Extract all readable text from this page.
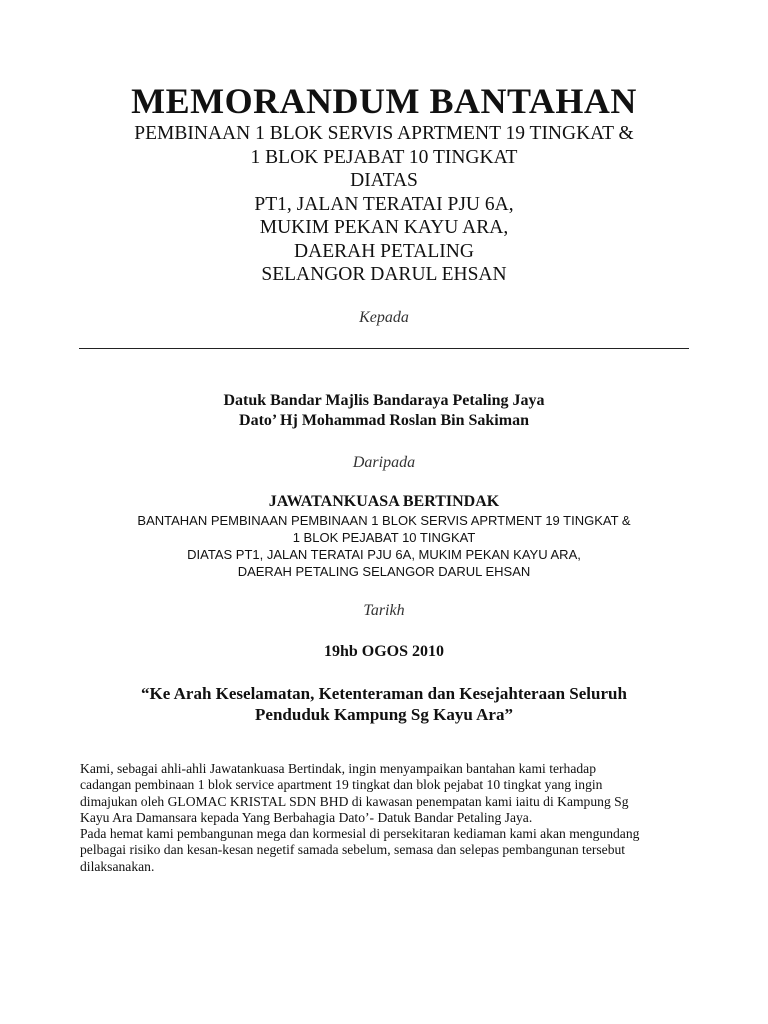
MEMORANDUM BANTAHAN
PEMBINAAN 1 BLOK SERVIS APRTMENT 19 TINGKAT &
1 BLOK PEJABAT 10 TINGKAT
DIATAS
PT1, JALAN TERATAI PJU 6A,
MUKIM PEKAN KAYU ARA,
DAERAH PETALING
SELANGOR DARUL EHSAN
Kepada
Datuk Bandar Majlis Bandaraya Petaling Jaya
Dato’ Hj Mohammad Roslan Bin Sakiman
Daripada
JAWATANKUASA BERTINDAK
BANTAHAN PEMBINAAN PEMBINAAN 1 BLOK SERVIS APRTMENT 19 TINGKAT &
1 BLOK PEJABAT 10 TINGKAT
DIATAS PT1, JALAN TERATAI PJU 6A, MUKIM PEKAN KAYU ARA,
DAERAH PETALING SELANGOR DARUL EHSAN
Tarikh
19hb OGOS 2010
“Ke Arah Keselamatan, Ketenteraman dan Kesejahteraan Seluruh
Penduduk Kampung Sg Kayu Ara”

Kami, sebagai ahli-ahli Jawatankuasa Bertindak, ingin menyampaikan bantahan kami terhadap
cadangan pembinaan 1 blok service apartment 19 tingkat dan blok pejabat 10 tingkat yang ingin
dimajukan oleh GLOMAC KRISTAL SDN BHD di kawasan penempatan kami iaitu di Kampung Sg
Kayu Ara Damansara kepada Yang Berbahagia Dato’- Datuk Bandar Petaling Jaya.

Pada hemat kami pembangunan mega dan kormesial di persekitaran kediaman kami akan mengundang
pelbagai risiko dan kesan-kesan negetif samada sebelum, semasa dan selepas pembangunan tersebut
dilaksanakan.
